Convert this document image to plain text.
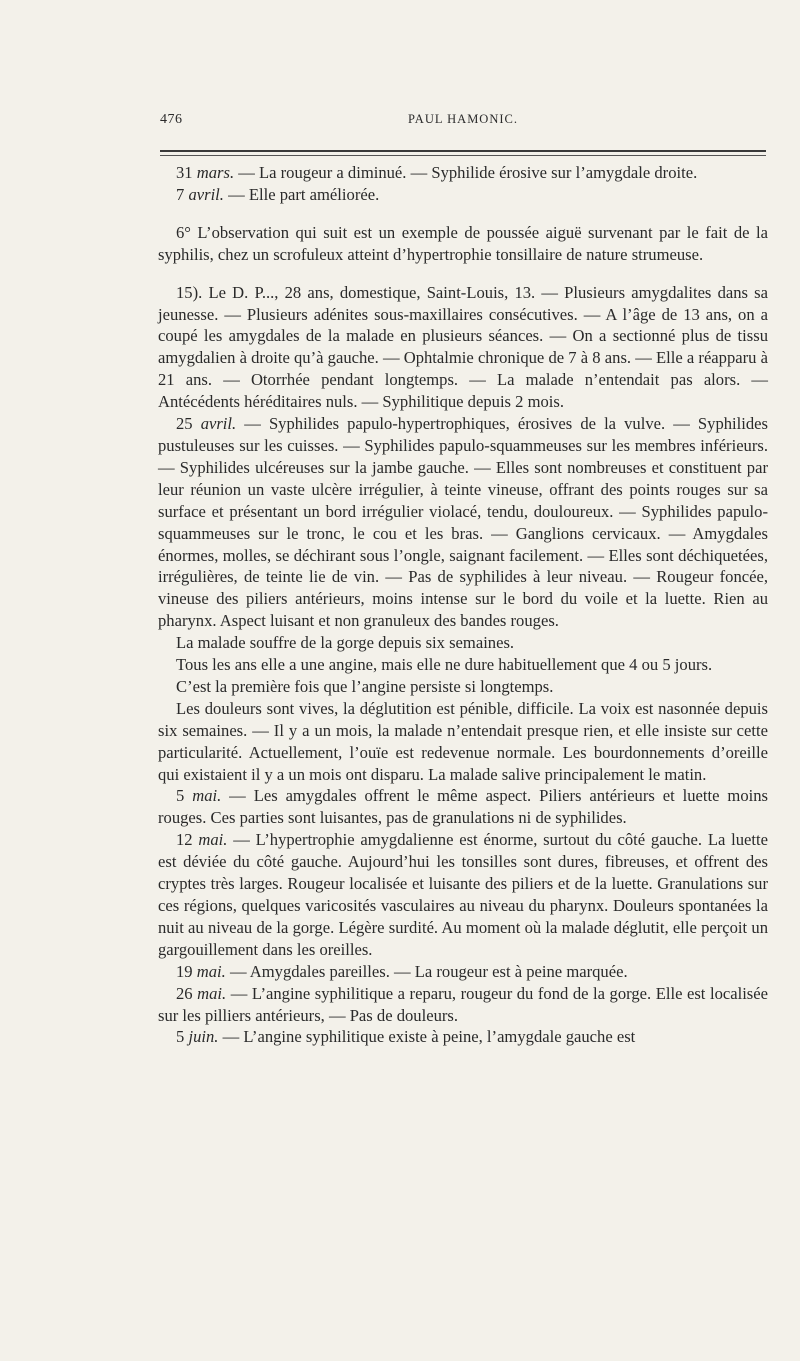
476	PAUL HAMONIC.

31 mars. — La rougeur a diminué. — Syphilide érosive sur l’amygdale droite.

7 avril. — Elle part améliorée.

6° L’observation qui suit est un exemple de poussée aiguë survenant par le fait de la syphilis, chez un scrofuleux atteint d’hypertrophie tonsillaire de nature strumeuse.

15). Le D. P..., 28 ans, domestique, Saint-Louis, 13. — Plusieurs amygdalites dans sa jeunesse. — Plusieurs adénites sous-maxillaires consécutives. — A l’âge de 13 ans, on a coupé les amygdales de la malade en plusieurs séances. — On a sectionné plus de tissu amygdalien à droite qu’à gauche. — Ophtalmie chronique de 7 à 8 ans. — Elle a réapparu à 21 ans. — Otorrhée pendant longtemps. — La malade n’entendait pas alors. — Antécédents héréditaires nuls. — Syphilitique depuis 2 mois.

25 avril. — Syphilides papulo-hypertrophiques, érosives de la vulve. — Syphilides pustuleuses sur les cuisses. — Syphilides papulo-squammeuses sur les membres inférieurs. — Syphilides ulcéreuses sur la jambe gauche. — Elles sont nombreuses et constituent par leur réunion un vaste ulcère irrégulier, à teinte vineuse, offrant des points rouges sur sa surface et présentant un bord irrégulier violacé, tendu, douloureux. — Syphilides papulo-squammeuses sur le tronc, le cou et les bras. — Ganglions cervicaux. — Amygdales énormes, molles, se déchirant sous l’ongle, saignant facilement. — Elles sont déchiquetées, irrégulières, de teinte lie de vin. — Pas de syphilides à leur niveau. — Rougeur foncée, vineuse des piliers antérieurs, moins intense sur le bord du voile et la luette. Rien au pharynx. Aspect luisant et non granuleux des bandes rouges.

La malade souffre de la gorge depuis six semaines.

Tous les ans elle a une angine, mais elle ne dure habituellement que 4 ou 5 jours.

C’est la première fois que l’angine persiste si longtemps.

Les douleurs sont vives, la déglutition est pénible, difficile. La voix est nasonnée depuis six semaines. — Il y a un mois, la malade n’entendait presque rien, et elle insiste sur cette particularité. Actuellement, l’ouïe est redevenue normale. Les bourdonnements d’oreille qui existaient il y a un mois ont disparu. La malade salive principalement le matin.

5 mai. — Les amygdales offrent le même aspect. Piliers antérieurs et luette moins rouges. Ces parties sont luisantes, pas de granulations ni de syphilides.

12 mai. — L’hypertrophie amygdalienne est énorme, surtout du côté gauche. La luette est déviée du côté gauche. Aujourd’hui les tonsilles sont dures, fibreuses, et offrent des cryptes très larges. Rougeur localisée et luisante des piliers et de la luette. Granulations sur ces régions, quelques varicosités vasculaires au niveau du pharynx. Douleurs spontanées la nuit au niveau de la gorge. Légère surdité. Au moment où la malade déglutit, elle perçoit un gargouillement dans les oreilles.

19 mai. — Amygdales pareilles. — La rougeur est à peine marquée.

26 mai. — L’angine syphilitique a reparu, rougeur du fond de la gorge. Elle est localisée sur les pilliers antérieurs, — Pas de douleurs.

5 juin. — L’angine syphilitique existe à peine, l’amygdale gauche est
